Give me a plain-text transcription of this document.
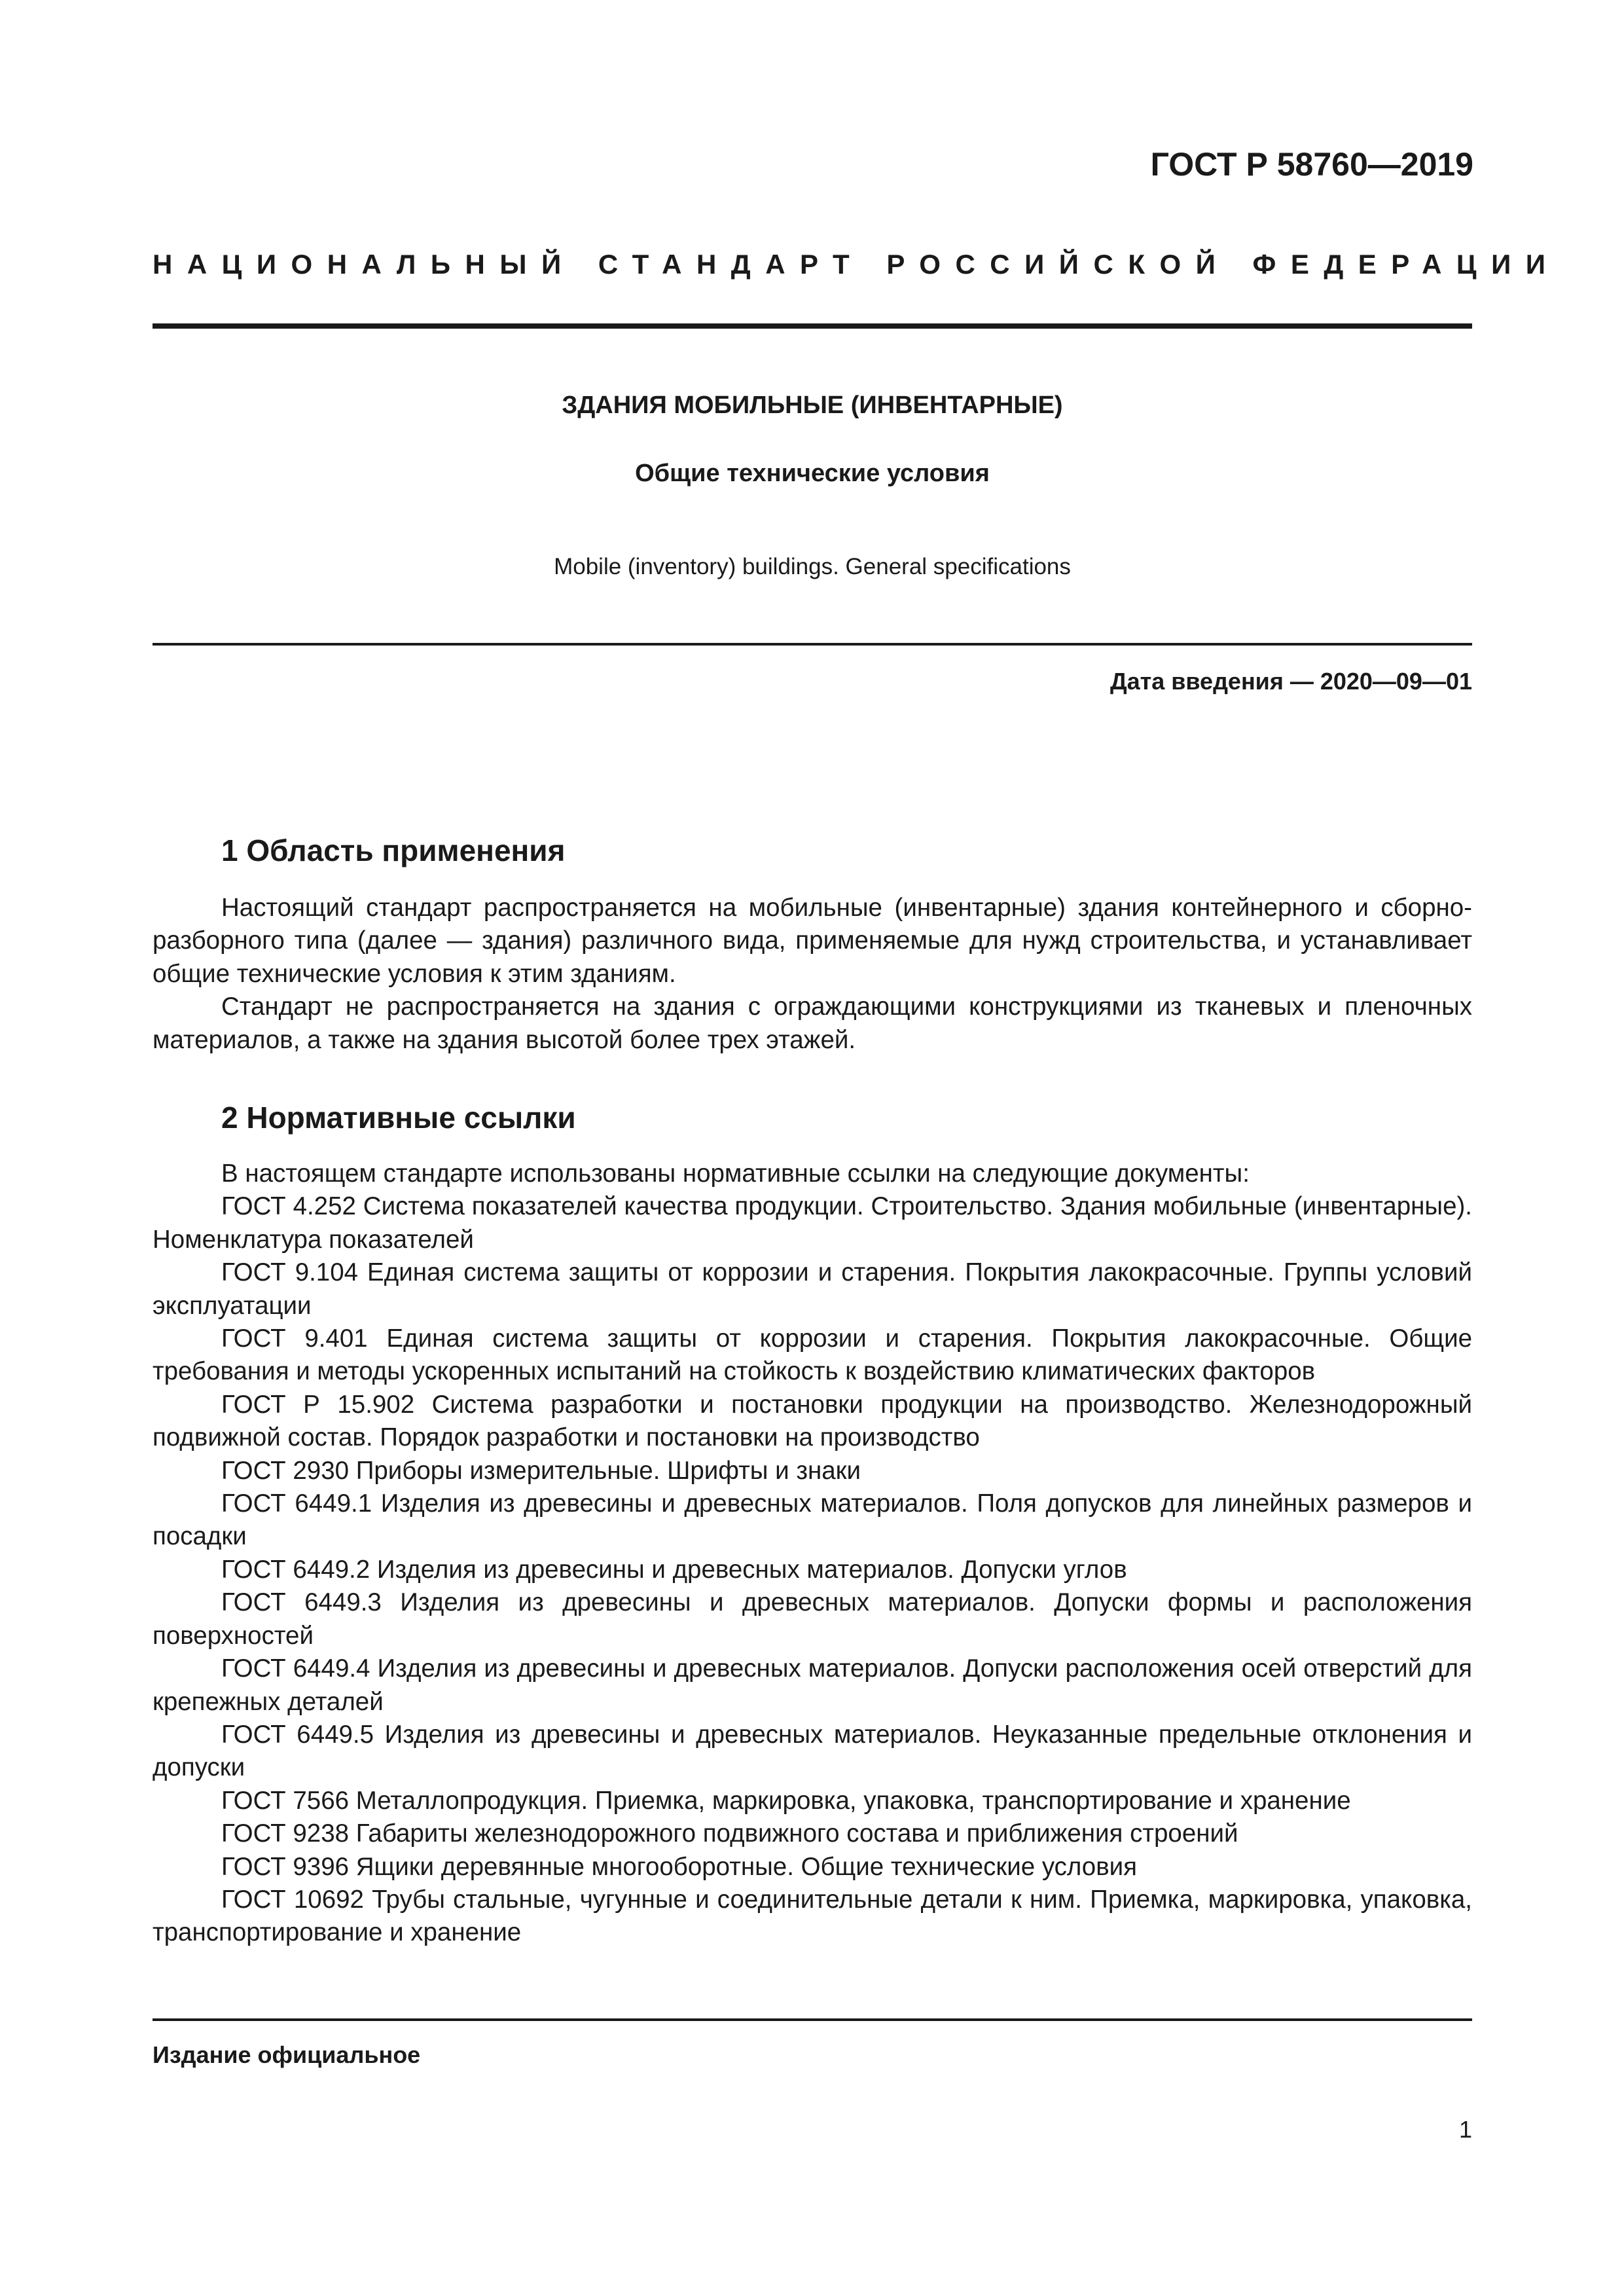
ГОСТ Р 58760—2019
НАЦИОНАЛЬНЫЙ СТАНДАРТ РОССИЙСКОЙ ФЕДЕРАЦИИ
ЗДАНИЯ МОБИЛЬНЫЕ (ИНВЕНТАРНЫЕ)
Общие технические условия
Mobile (inventory) buildings. General specifications
Дата введения — 2020—09—01
1 Область применения

Настоящий стандарт распространяется на мобильные (инвентарные) здания контейнерного и сборно-разборного типа (далее — здания) различного вида, применяемые для нужд строительства, и устанавливает общие технические условия к этим зданиям.

Стандарт не распространяется на здания с ограждающими конструкциями из тканевых и пленочных материалов, а также на здания высотой более трех этажей.

2 Нормативные ссылки

В настоящем стандарте использованы нормативные ссылки на следующие документы:

ГОСТ 4.252 Система показателей качества продукции. Строительство. Здания мобильные (инвентарные). Номенклатура показателей

ГОСТ 9.104 Единая система защиты от коррозии и старения. Покрытия лакокрасочные. Группы условий эксплуатации

ГОСТ 9.401 Единая система защиты от коррозии и старения. Покрытия лакокрасочные. Общие требования и методы ускоренных испытаний на стойкость к воздействию климатических факторов

ГОСТ Р 15.902 Система разработки и постановки продукции на производство. Железнодорожный подвижной состав. Порядок разработки и постановки на производство

ГОСТ 2930 Приборы измерительные. Шрифты и знаки

ГОСТ 6449.1 Изделия из древесины и древесных материалов. Поля допусков для линейных размеров и посадки

ГОСТ 6449.2 Изделия из древесины и древесных материалов. Допуски углов

ГОСТ 6449.3 Изделия из древесины и древесных материалов. Допуски формы и расположения поверхностей

ГОСТ 6449.4 Изделия из древесины и древесных материалов. Допуски расположения осей отверстий для крепежных деталей

ГОСТ 6449.5 Изделия из древесины и древесных материалов. Неуказанные предельные отклонения и допуски

ГОСТ 7566 Металлопродукция. Приемка, маркировка, упаковка, транспортирование и хранение

ГОСТ 9238 Габариты железнодорожного подвижного состава и приближения строений

ГОСТ 9396 Ящики деревянные многооборотные. Общие технические условия

ГОСТ 10692 Трубы стальные, чугунные и соединительные детали к ним. Приемка, маркировка, упаковка, транспортирование и хранение

Издание официальное
1
